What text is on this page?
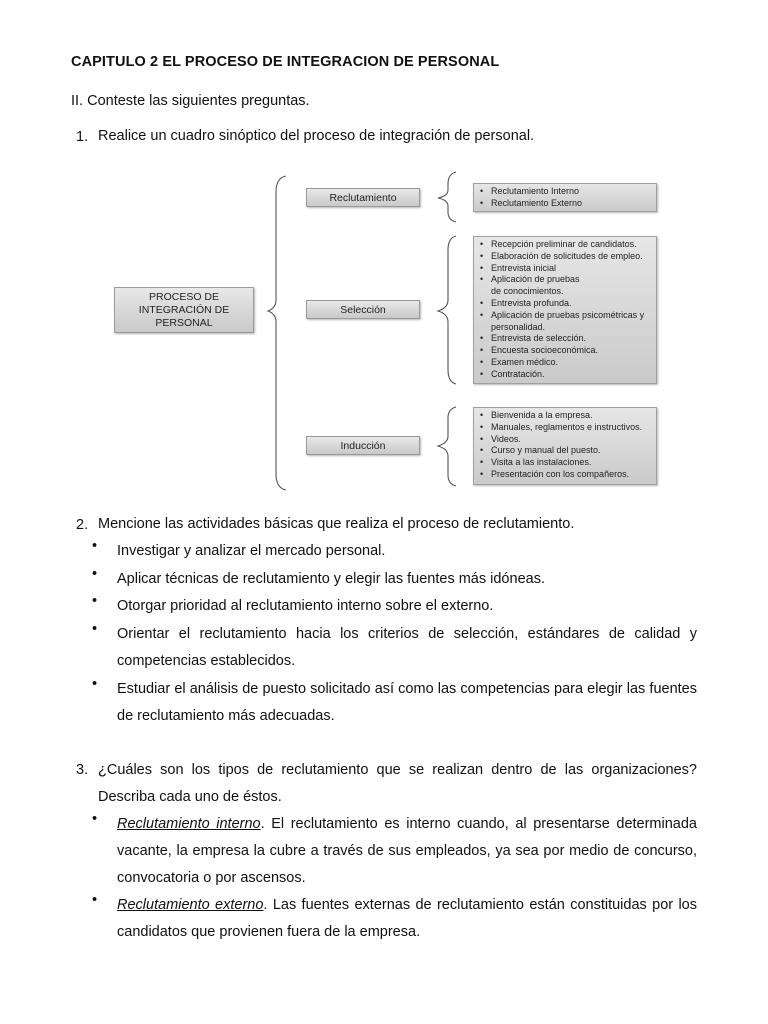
CAPITULO 2 EL PROCESO DE INTEGRACION DE PERSONAL
II. Conteste las siguientes preguntas.
1. Realice un cuadro sinóptico del proceso de integración de personal.
PROCESO DE
INTEGRACIÓN DE
PERSONAL
Reclutamiento
Selección
Inducción
• Reclutamiento Interno
• Reclutamiento Externo
• Recepción preliminar de candidatos.
• Elaboración de solicitudes de empleo.
• Entrevista inicial
• Aplicación de pruebas de conocimientos.
• Entrevista profunda.
• Aplicación de pruebas psicométricas y personalidad.
• Entrevista de selección.
• Encuesta socioeconómica.
• Examen médico.
• Contratación.
• Bienvenida a la empresa.
• Manuales, reglamentos e instructivos.
• Videos.
• Curso y manual del puesto.
• Visita a las instalaciones.
• Presentación con los compañeros.
2. Mencione las actividades básicas que realiza el proceso de reclutamiento.
• Investigar y analizar el mercado personal.
• Aplicar técnicas de reclutamiento y elegir las fuentes más idóneas.
• Otorgar prioridad al reclutamiento interno sobre el externo.
• Orientar el reclutamiento hacia los criterios de selección, estándares de calidad y competencias establecidos.
• Estudiar el análisis de puesto solicitado así como las competencias para elegir las fuentes de reclutamiento más adecuadas.
3. ¿Cuáles son los tipos de reclutamiento que se realizan dentro de las organizaciones? Describa cada uno de éstos.
• Reclutamiento interno. El reclutamiento es interno cuando, al presentarse determinada vacante, la empresa la cubre a través de sus empleados, ya sea por medio de concurso, convocatoria o por ascensos.
• Reclutamiento externo. Las fuentes externas de reclutamiento están constituidas por los candidatos que provienen fuera de la empresa.
